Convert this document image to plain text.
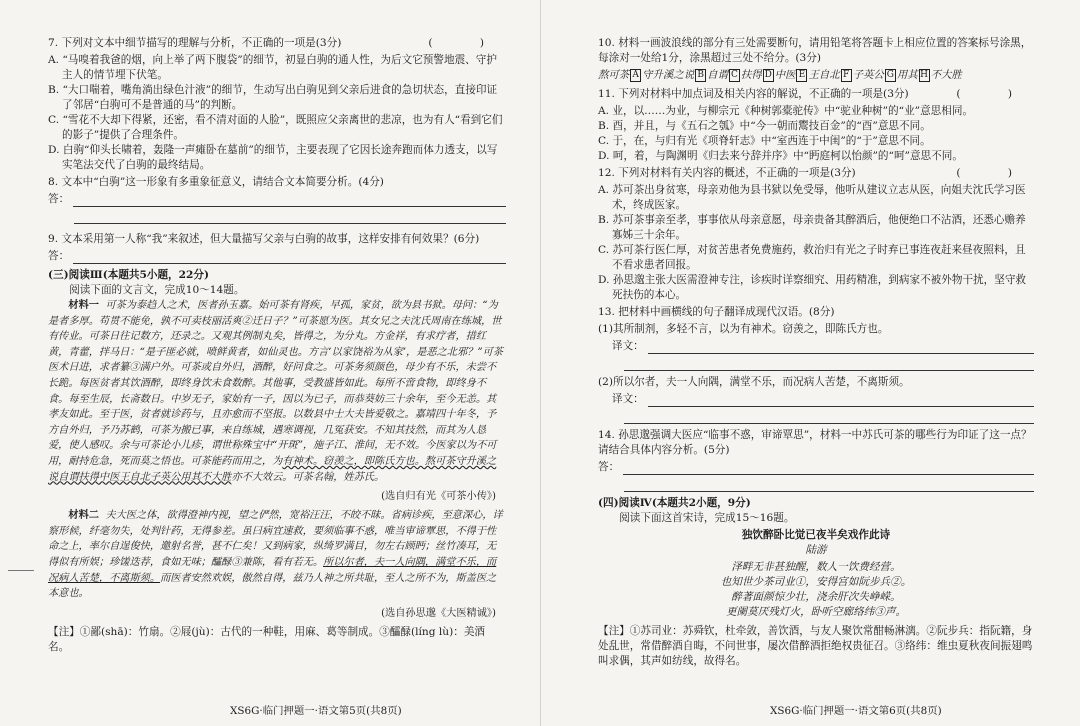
7. 下列对文本中细节描写的理解与分析，不正确的一项是(3分)	( )

A. “马嗅着我爸的烟，向上举了两下腹袋”的细节，初显白驹的通人性，为后文它预警地震、守护主人的情节埋下伏笔。

B. “大口喘着，嘴角淌出绿色汁液”的细节，生动写出白驹见到父亲后进食的急切状态，直接印证了邻居“白驹可不是普通的马”的判断。

C. “雪花不大却下得紧，还密，看不清对面的人脸”，既照应父亲离世的悲凉，也为有人“看到它们的影子”提供了合理条件。

D. 白驹“仰头长啸着，轰隆一声瘫卧在墓前”的细节，主要表现了它因长途奔跑而体力透支，以写实笔法交代了白驹的最终结局。

8. 文本中“白驹”这一形象有多重象征意义，请结合文本简要分析。(4分)
答：
9. 文本采用第一人称“我”来叙述，但大量描写父亲与白驹的故事，这样安排有何效果？(6分)
答：
(三)阅读Ⅲ(本题共5小题，22分)

阅读下面的文言文，完成10～14题。

材料一 可茶为泰趋人之术，医者孙玉嘉。始可茶有肾疾，早孤，家贫，欲为县书狱。母问：“为是者多厚。苟贯不能免，孰不可卖枝丽活爽②迁日子？”可茶愿为医。其女兄之夫沈氏周南在练城，世有传业。可茶日往记数方，还录之。又观其例制丸矣，皆得之，为分丸。方金祥，有求疗者，措红黄，青藿，拌马日：“是子匪必就，喷鲜黄者，如仙灵也。方言‘以家饶裕为从家’，是恶之北邪？”可茶医术日进，求者纂③满户外。可茶或自外归，酒醉，好问食之。可茶务须颜色，母少有不乐，未尝不长跪。每医贫者其饮酒醉，即终身饮未食数醉。其他事，受教盛皆如此。每所不啻食物，即终身不食。每至生辰，长斋数日。中岁无子，家始有一子，因以为已子，而恭葵妨三十余年，至今无恙。其孝友如此。至于医，贫者就诊药与，且亦愈而不坚报。以数县中士大夫皆爱敬之。嘉靖四十年冬，予方自外归，予乃苏鹤，可茶为搬已事，来自练城，遇寒调视，几冤获安。不知其技然，而其为人恳爱，使人感叹。余与可茶论小儿疹，谓世称殊宝中“开斑”，施子江、淮间，无不效。今医家以为不可用，耐持危急，死而莫之悟也。可茶能药而用之，为有神术。窃羡之，即陈氏方也。熬可茶守升溪之说自谓扶得中医王自北子英公用其不大胜亦不大效云。可茶名翰，姓苏氏。

(选自归有光《可茶小传》)

材料二 夫大医之体，欲得澄神内视，望之俨然，宽裕汪汪，不皎不昧。省病诊疾，至意深心，详察形候，纤毫勿失，处判针药，无得参差。虽曰病宜速救，要须临事不惑，唯当审谛覃思，不得于性命之上，率尔自逞俊快，邀射名誉，甚不仁矣！又到病家，纵绮罗满目，勿左右顾眄；丝竹凑耳，无得似有所娱；珍馐迭荐，食如无味；醽醁③兼陈，看有若无。所以尔者，夫一人向隅，满堂不乐，而况病人苦楚，不离斯须。而医者安然欢娱，傲然自得，兹乃人神之所共耻，至人之所不为，斯盖医之本意也。

(选自孙思邈《大医精诚》)

【注】①鄙(shā)：竹扇。②屐(jù)：古代的一种鞋，用麻、葛等制成。③醽醁(líng lù)：美酒名。

XS6G·临门押题一·语文第5页(共8页)
10. 材料一画波浪线的部分有三处需要断句，请用铅笔将答题卡上相应位置的答案标号涂黑，每涂对一处给1分，涂黑超过三处不给分。(3分)
熬可茶 A 守升溪之说 B 自谓 C 扶得 D 中医 E 王自北 F 子英公 G 用其 H 不大胜
11. 下列对材料中加点词及相关内容的解说，不正确的一项是(3分)	( )

A. 业，以……为业，与柳宗元《种树郭橐驼传》中“驼业种树”的“业”意思相同。

B. 酉，并且，与《五石之瓠》中“今一朝而鬻技百金”的“酉”意思不同。

C. 于，在，与归有光《项脊轩志》中“室西连于中闺”的“于”意思不同。

D. 呵，着，与陶渊明《归去来兮辞并序》中“眄庭柯以怡颜”的“呵”意思不同。

12. 下列对材料有关内容的概述，不正确的一项是(3分)	( )

A. 苏可茶出身贫寒，母亲劝他为县书狱以免受辱，他听从建议立志从医，向姐夫沈氏学习医术，终成医家。

B. 苏可茶事亲至孝，事事依从母亲意愿，母亲贵备其醉酒后，他便绝口不沾酒，还悉心赡养寡姊三十余年。

C. 苏可茶行医仁厚，对贫苦患者免费施药，救治归有光之子时弃已事连夜赶来昼夜照料，且不看求患者回报。

D. 孙思邈主张大医需澄神专注，诊疾时详察细究、用药精准，到病家不被外物干扰，坚守救死扶伤的本心。

13. 把材料中画横线的句子翻译成现代汉语。(8分)

(1)其所制剂，多轻不言，以为有神术。窃羡之，即陈氏方也。

译文：

(2)所以尔者，夫一人向隅，满堂不乐，而况病人苦楚，不离斯须。

译文：
14. 孙思邈强调大医应“临事不惑，审谛覃思”，材料一中苏氏可茶的哪些行为印证了这一点？请结合具体内容分析。(5分)
答：
(四)阅读Ⅳ(本题共2小题，9分)

阅读下面这首宋诗，完成15～16题。

独饮醉卧比觉已夜半矣戏作此诗

陆游

泽畔无非甚独醒，数人一饮费经营。

也知世少茶司业①，安得宫如阮步兵②。

醉著面颜惊少壮，浇余肝次失峥嵘。

更阑莫厌残灯火，卧听空廊络纬③声。

【注】①苏司业：苏舜钦，杜牵敛，善饮酒，与友人聚饮常酣畅淋漓。②阮步兵：指阮籍，身处乱世，常借醉酒自晦，不问世事，屡次借醉酒拒绝权贵征召。③络纬：维虫夏秋夜间振翅鸣叫求偶，其声如纺线，故得名。

XS6G·临门押题一·语文第6页(共8页)
